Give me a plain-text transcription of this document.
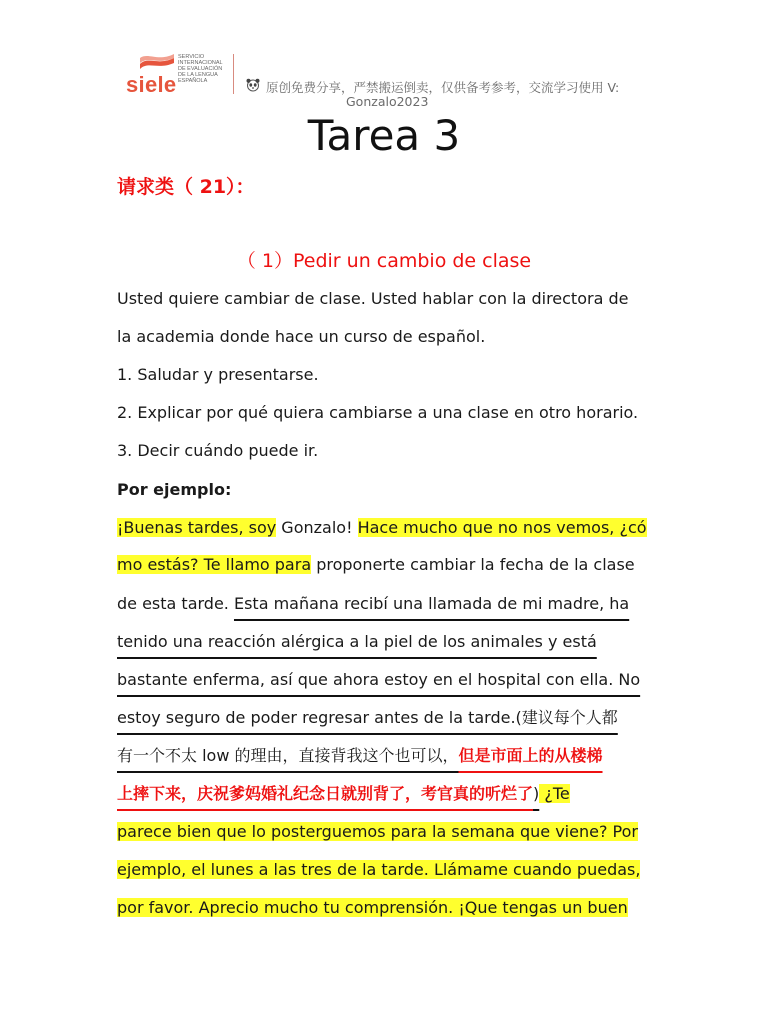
siele
SERVICIO
INTERNACIONAL
DE EVALUACIÓN
DE LA LENGUA
ESPAÑOLA	原创免费分享，严禁搬运倒卖，仅供备考参考，交流学习使用 V:
Gonzalo2023
Tarea 3
请求类（ 21）：
（ 1）Pedir un cambio de clase
Usted quiere cambiar de clase. Usted hablar con la directora de
la academia donde hace un curso de español.
1. Saludar y presentarse.
2. Explicar por qué quiera cambiarse a una clase en otro horario.
3. Decir cuándo puede ir.
Por ejemplo:
¡Buenas tardes, soy Gonzalo! Hace mucho que no nos vemos, ¿có
mo estás? Te llamo para proponerte cambiar la fecha de la clase
de esta tarde. Esta mañana recibí una llamada de mi madre, ha
tenido una reacción alérgica a la piel de los animales y está
bastante enferma, así que ahora estoy en el hospital con ella. No
estoy seguro de poder regresar antes de la tarde.(建议每个人都
有一个不太 low 的理由，直接背我这个也可以，但是市面上的从楼梯
上摔下来，庆祝爹妈婚礼纪念日就别背了，考官真的听烂了) ¿Te
parece bien que lo posterguemos para la semana que viene? Por
ejemplo, el lunes a las tres de la tarde. Llámame cuando puedas,
por favor. Aprecio mucho tu comprensión. ¡Que tengas un buen
